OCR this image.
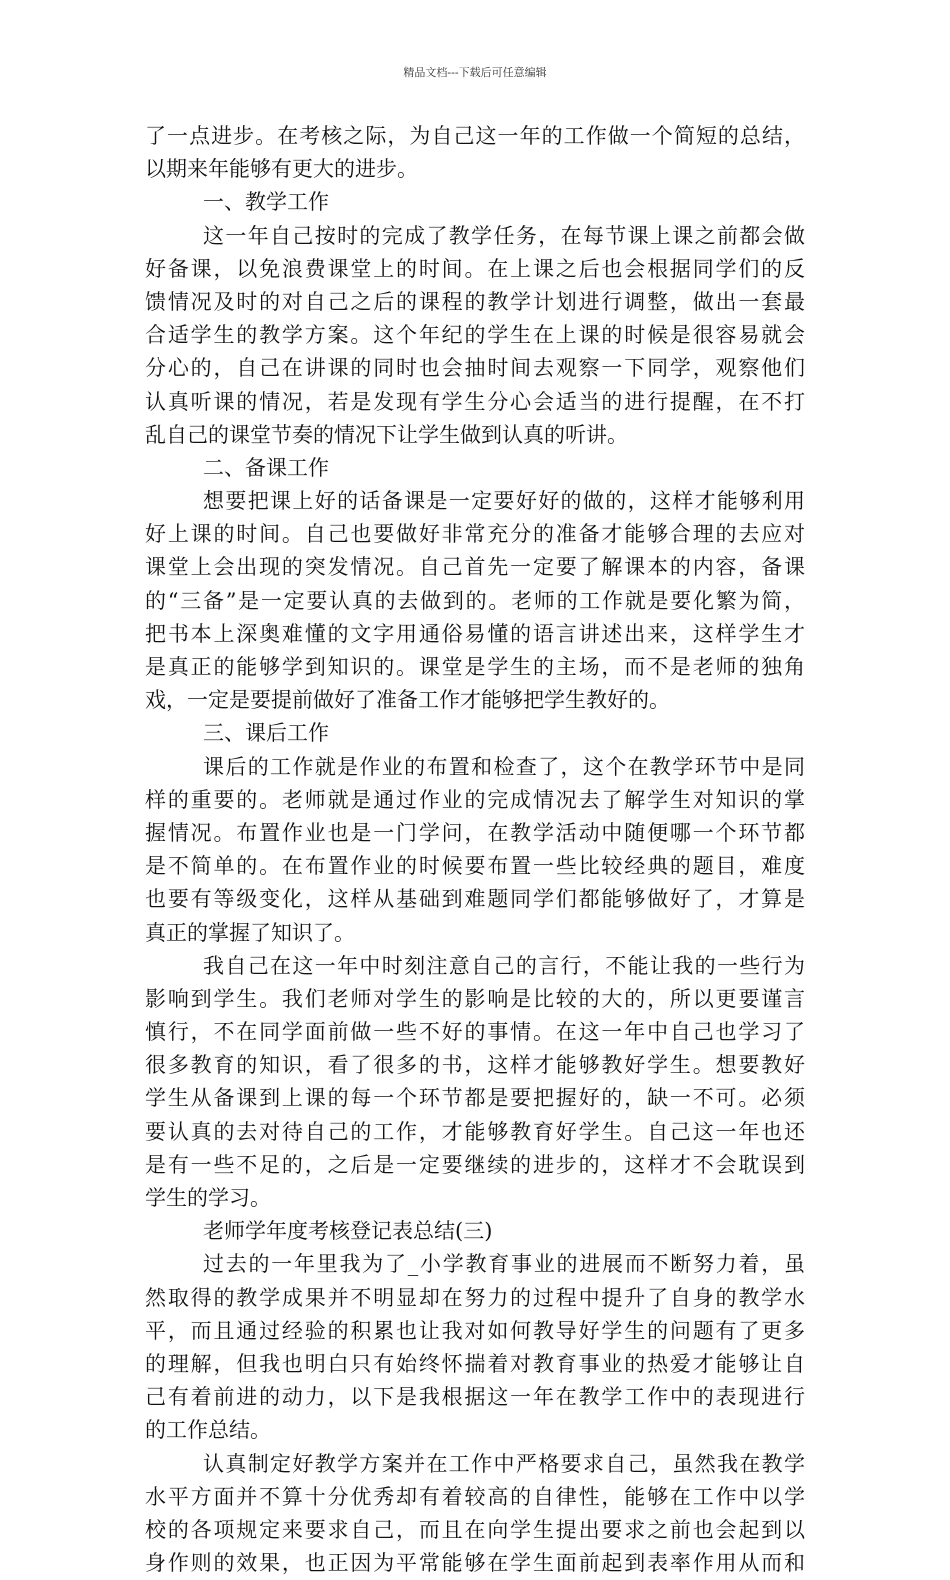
精品文档---下载后可任意编辑
了一点进步。在考核之际，为自己这一年的工作做一个简短的总结，
以期来年能够有更大的进步。
一、教学工作
这一年自己按时的完成了教学任务，在每节课上课之前都会做
好备课，以免浪费课堂上的时间。在上课之后也会根据同学们的反
馈情况及时的对自己之后的课程的教学计划进行调整，做出一套最
合适学生的教学方案。这个年纪的学生在上课的时候是很容易就会
分心的，自己在讲课的同时也会抽时间去观察一下同学，观察他们
认真听课的情况，若是发现有学生分心会适当的进行提醒，在不打
乱自己的课堂节奏的情况下让学生做到认真的听讲。
二、备课工作
想要把课上好的话备课是一定要好好的做的，这样才能够利用
好上课的时间。自己也要做好非常充分的准备才能够合理的去应对
课堂上会出现的突发情况。自己首先一定要了解课本的内容，备课
的“三备”是一定要认真的去做到的。老师的工作就是要化繁为简，
把书本上深奥难懂的文字用通俗易懂的语言讲述出来，这样学生才
是真正的能够学到知识的。课堂是学生的主场，而不是老师的独角
戏，一定是要提前做好了准备工作才能够把学生教好的。
三、课后工作
课后的工作就是作业的布置和检查了，这个在教学环节中是同
样的重要的。老师就是通过作业的完成情况去了解学生对知识的掌
握情况。布置作业也是一门学问，在教学活动中随便哪一个环节都
是不简单的。在布置作业的时候要布置一些比较经典的题目，难度
也要有等级变化，这样从基础到难题同学们都能够做好了，才算是
真正的掌握了知识了。
我自己在这一年中时刻注意自己的言行，不能让我的一些行为
影响到学生。我们老师对学生的影响是比较的大的，所以更要谨言
慎行，不在同学面前做一些不好的事情。在这一年中自己也学习了
很多教育的知识，看了很多的书，这样才能够教好学生。想要教好
学生从备课到上课的每一个环节都是要把握好的，缺一不可。必须
要认真的去对待自己的工作，才能够教育好学生。自己这一年也还
是有一些不足的，之后是一定要继续的进步的，这样才不会耽误到
学生的学习。
老师学年度考核登记表总结(三)
过去的一年里我为了_小学教育事业的进展而不断努力着，虽
然取得的教学成果并不明显却在努力的过程中提升了自身的教学水
平，而且通过经验的积累也让我对如何教导好学生的问题有了更多
的理解，但我也明白只有始终怀揣着对教育事业的热爱才能够让自
己有着前进的动力，以下是我根据这一年在教学工作中的表现进行
的工作总结。
认真制定好教学方案并在工作中严格要求自己，虽然我在教学
水平方面并不算十分优秀却有着较高的自律性，能够在工作中以学
校的各项规定来要求自己，而且在向学生提出要求之前也会起到以
身作则的效果，也正因为平常能够在学生面前起到表率作用从而和
